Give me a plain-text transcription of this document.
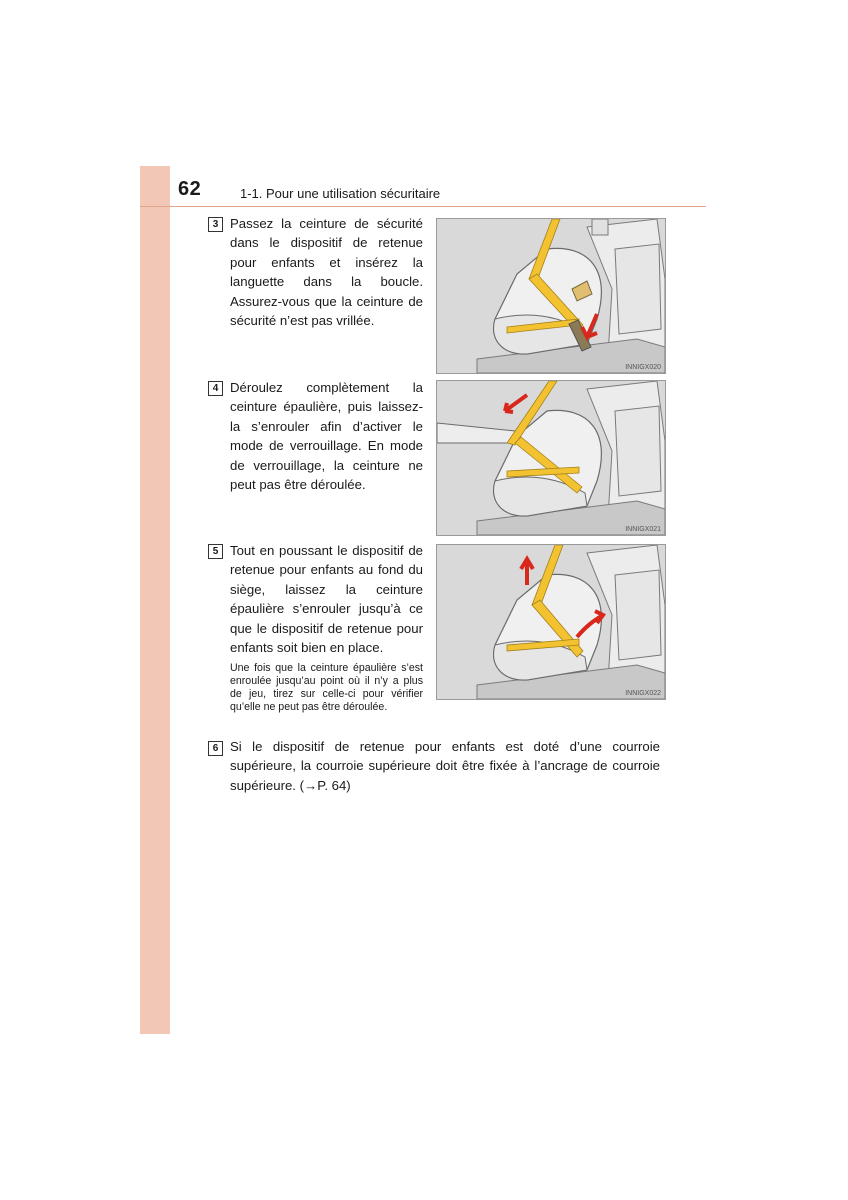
62	1-1. Pour une utilisation sécuritaire
3 Passez la ceinture de sécurité dans le dispositif de retenue pour enfants et insérez la languette dans la boucle. Assurez-vous que la ceinture de sécurité n’est pas vrillée.
INNIGX020
4 Déroulez complètement la ceinture épaulière, puis laissez-la s’enrouler afin d’activer le mode de verrouillage. En mode de verrouillage, la ceinture ne peut pas être déroulée.
INNIGX021
5 Tout en poussant le dispositif de retenue pour enfants au fond du siège, laissez la ceinture épaulière s’enrouler jusqu’à ce que le dispositif de retenue pour enfants soit bien en place.
Une fois que la ceinture épaulière s’est enroulée jusqu’au point où il n’y a plus de jeu, tirez sur celle-ci pour vérifier qu’elle ne peut pas être déroulée.
INNIGX022
6 Si le dispositif de retenue pour enfants est doté d’une courroie supérieure, la courroie supérieure doit être fixée à l’ancrage de courroie supérieure. (→P. 64)
